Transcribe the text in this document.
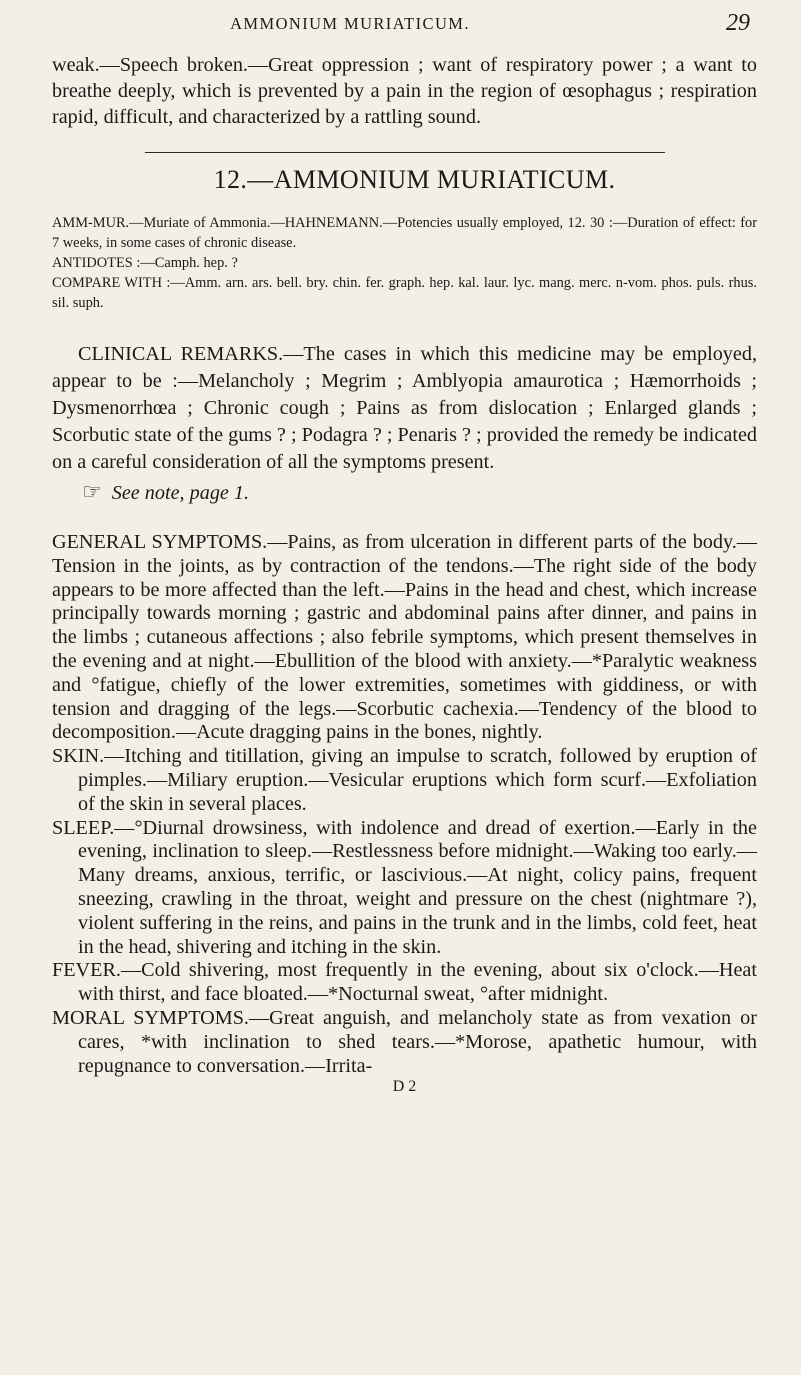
AMMONIUM MURIATICUM.	29

weak.—Speech broken.—Great oppression ; want of respiratory power ; a want to breathe deeply, which is prevented by a pain in the region of œsophagus ; respiration rapid, difficult, and characterized by a rattling sound.

12.—AMMONIUM MURIATICUM.

AMM-MUR.—Muriate of Ammonia.—HAHNEMANN.—Potencies usually employed, 12. 30 :—Duration of effect: for 7 weeks, in some cases of chronic disease.

ANTIDOTES :—Camph. hep. ?

COMPARE WITH :—Amm. arn. ars. bell. bry. chin. fer. graph. hep. kal. laur. lyc. mang. merc. n-vom. phos. puls. rhus. sil. suph.

CLINICAL REMARKS.—The cases in which this medicine may be employed, appear to be :—Melancholy ; Megrim ; Amblyopia amaurotica ; Hæmorrhoids ; Dysmenorrhœa ; Chronic cough ; Pains as from dislocation ; Enlarged glands ; Scorbutic state of the gums ? ; Podagra ? ; Penaris ? ; provided the remedy be indicated on a careful consideration of all the symptoms present.

☞ See note, page 1.

GENERAL SYMPTOMS.—Pains, as from ulceration in different parts of the body.—Tension in the joints, as by contraction of the tendons.—The right side of the body appears to be more affected than the left.—Pains in the head and chest, which increase principally towards morning ; gastric and abdominal pains after dinner, and pains in the limbs ; cutaneous affections ; also febrile symptoms, which present themselves in the evening and at night.—Ebullition of the blood with anxiety.—*Paralytic weakness and °fatigue, chiefly of the lower extremities, sometimes with giddiness, or with tension and dragging of the legs.—Scorbutic cachexia.—Tendency of the blood to decomposition.—Acute dragging pains in the bones, nightly.

SKIN.—Itching and titillation, giving an impulse to scratch, followed by eruption of pimples.—Miliary eruption.—Vesicular eruptions which form scurf.—Exfoliation of the skin in several places.

SLEEP.—°Diurnal drowsiness, with indolence and dread of exertion.—Early in the evening, inclination to sleep.—Restlessness before midnight.—Waking too early.—Many dreams, anxious, terrific, or lascivious.—At night, colicy pains, frequent sneezing, crawling in the throat, weight and pressure on the chest (nightmare ?), violent suffering in the reins, and pains in the trunk and in the limbs, cold feet, heat in the head, shivering and itching in the skin.

FEVER.—Cold shivering, most frequently in the evening, about six o'clock.—Heat with thirst, and face bloated.—*Nocturnal sweat, °after midnight.

MORAL SYMPTOMS.—Great anguish, and melancholy state as from vexation or cares, *with inclination to shed tears.—*Morose, apathetic humour, with repugnance to conversation.—Irrita-

D 2
